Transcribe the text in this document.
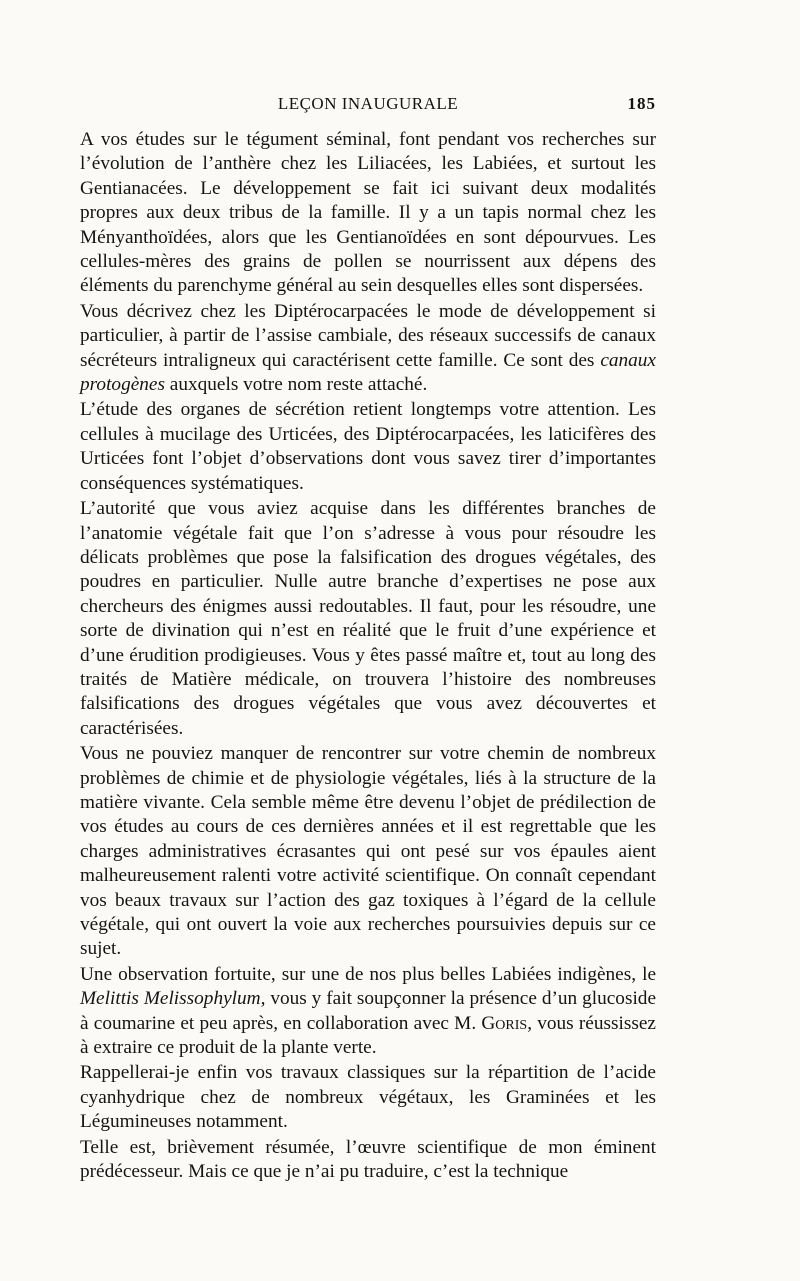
LEÇON INAUGURALE	185

A vos études sur le tégument séminal, font pendant vos recherches sur l’évolution de l’anthère chez les Liliacées, les Labiées, et surtout les Gentianacées. Le développement se fait ici suivant deux modalités propres aux deux tribus de la famille. Il y a un tapis normal chez les Ményanthoïdées, alors que les Gentianoïdées en sont dépourvues. Les cellules-mères des grains de pollen se nourrissent aux dépens des éléments du parenchyme général au sein desquelles elles sont dispersées.

Vous décrivez chez les Diptérocarpacées le mode de développement si particulier, à partir de l’assise cambiale, des réseaux successifs de canaux sécréteurs intraligneux qui caractérisent cette famille. Ce sont des canaux protogènes auxquels votre nom reste attaché.

L’étude des organes de sécrétion retient longtemps votre attention. Les cellules à mucilage des Urticées, des Diptérocarpacées, les laticifères des Urticées font l’objet d’observations dont vous savez tirer d’importantes conséquences systématiques.

L’autorité que vous aviez acquise dans les différentes branches de l’anatomie végétale fait que l’on s’adresse à vous pour résoudre les délicats problèmes que pose la falsification des drogues végétales, des poudres en particulier. Nulle autre branche d’expertises ne pose aux chercheurs des énigmes aussi redoutables. Il faut, pour les résoudre, une sorte de divination qui n’est en réalité que le fruit d’une expérience et d’une érudition prodigieuses. Vous y êtes passé maître et, tout au long des traités de Matière médicale, on trouvera l’histoire des nombreuses falsifications des drogues végétales que vous avez découvertes et caractérisées.

Vous ne pouviez manquer de rencontrer sur votre chemin de nombreux problèmes de chimie et de physiologie végétales, liés à la structure de la matière vivante. Cela semble même être devenu l’objet de prédilection de vos études au cours de ces dernières années et il est regrettable que les charges administratives écrasantes qui ont pesé sur vos épaules aient malheureusement ralenti votre activité scientifique. On connaît cependant vos beaux travaux sur l’action des gaz toxiques à l’égard de la cellule végétale, qui ont ouvert la voie aux recherches poursuivies depuis sur ce sujet.

Une observation fortuite, sur une de nos plus belles Labiées indigènes, le Melittis Melissophylum, vous y fait soupçonner la présence d’un glucoside à coumarine et peu après, en collaboration avec M. Goris, vous réussissez à extraire ce produit de la plante verte.

Rappellerai-je enfin vos travaux classiques sur la répartition de l’acide cyanhydrique chez de nombreux végétaux, les Graminées et les Légumineuses notamment.

Telle est, brièvement résumée, l’œuvre scientifique de mon éminent prédécesseur. Mais ce que je n’ai pu traduire, c’est la technique
